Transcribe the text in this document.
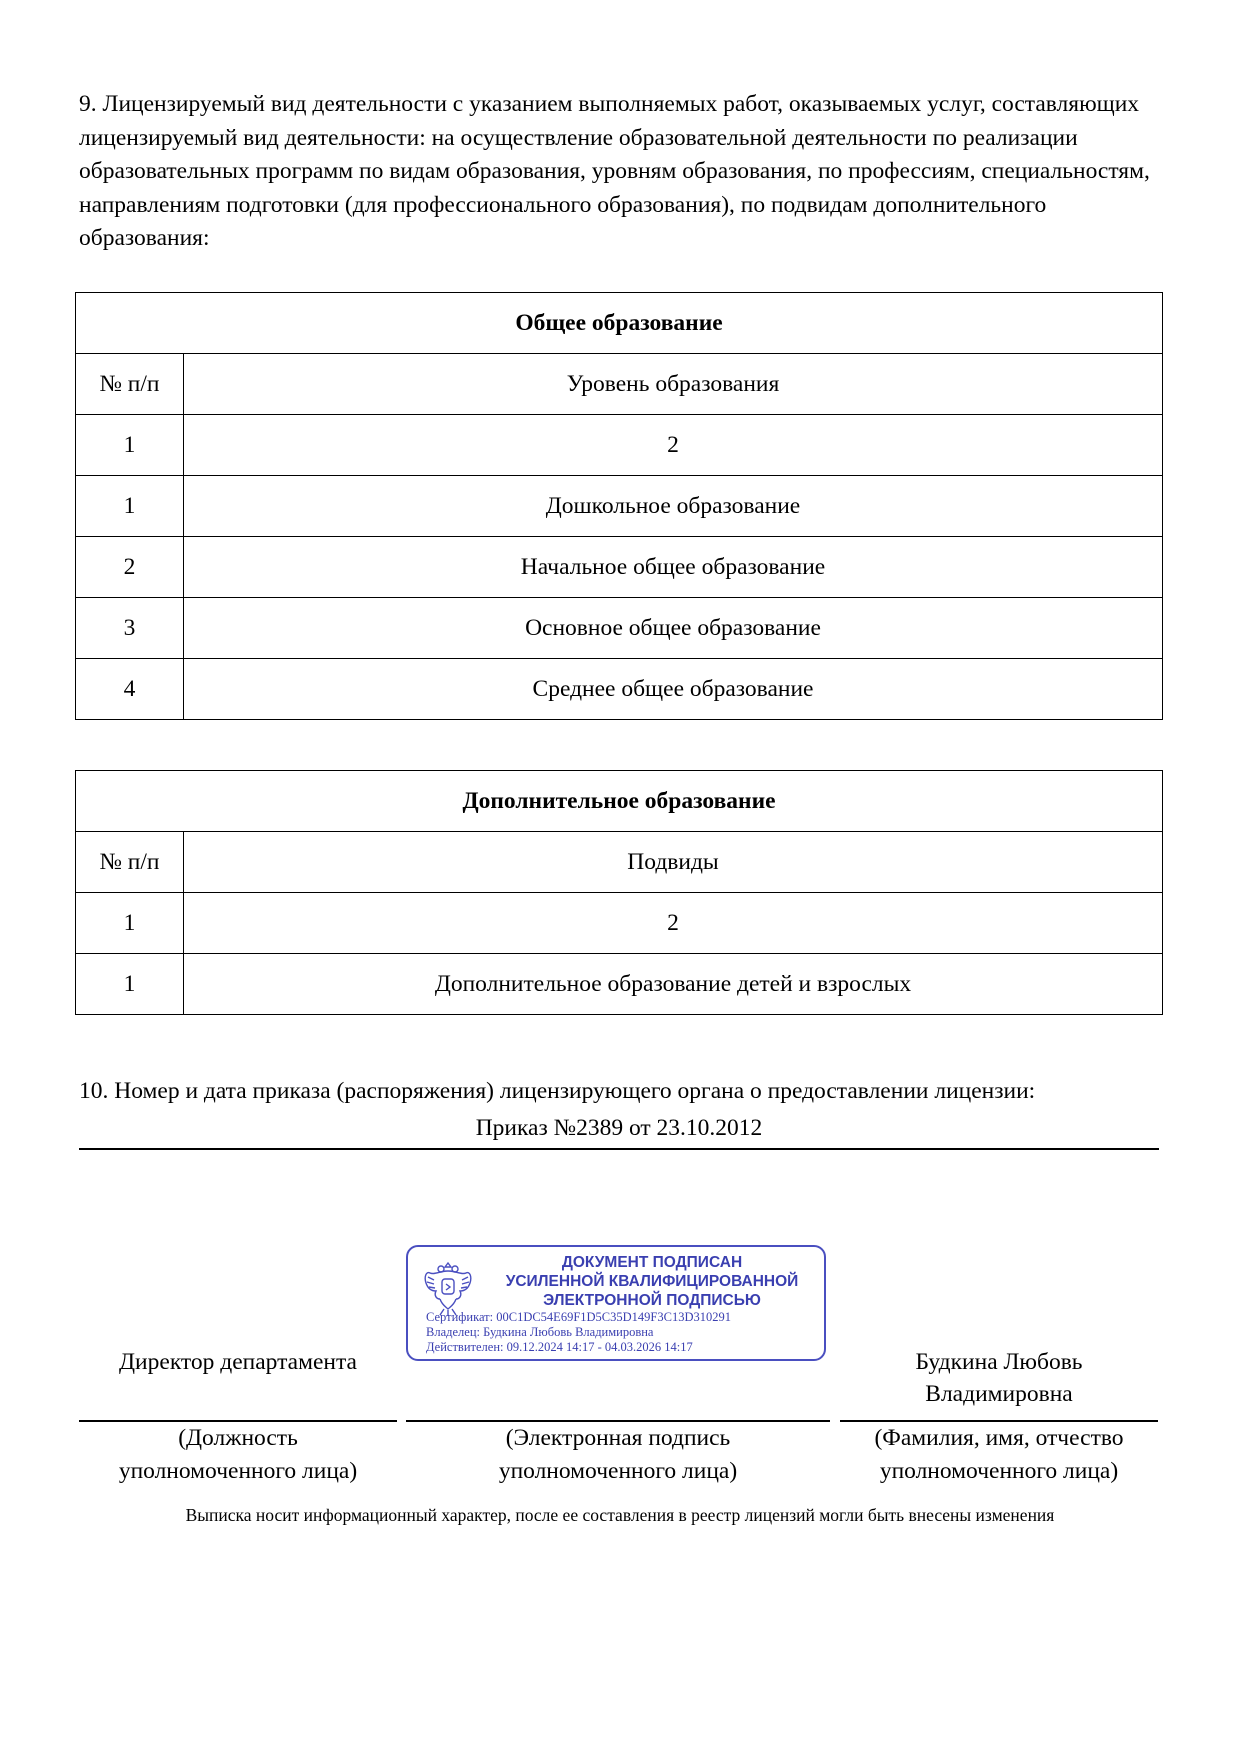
9. Лицензируемый вид деятельности с указанием выполняемых работ, оказываемых услуг, составляющих лицензируемый вид деятельности: на осуществление образовательной деятельности по реализации образовательных программ по видам образования, уровням образования, по профессиям, специальностям, направлениям подготовки (для профессионального образования), по подвидам дополнительного образования:
Общее образование	
№ п/п	Уровень образования
1	2
1	Дошкольное образование
2	Начальное общее образование
3	Основное общее образование
4	Среднее общее образование
Дополнительное образование	
№ п/п	Подвиды
1	2
1	Дополнительное образование детей и взрослых
10. Номер и дата приказа (распоряжения) лицензирующего органа о предоставлении лицензии:
Приказ №2389 от 23.10.2012
ДОКУМЕНТ ПОДПИСАН
УСИЛЕННОЙ КВАЛИФИЦИРОВАННОЙ
ЭЛЕКТРОННОЙ ПОДПИСЬЮ
Сертификат: 00C1DC54E69F1D5C35D149F3C13D310291
Владелец: Будкина Любовь Владимировна
Действителен: 09.12.2024 14:17 - 04.03.2026 14:17
Директор департамента	Будкина Любовь
Владимировна
(Должность
уполномоченного лица)
(Электронная подпись
уполномоченного лица)
(Фамилия, имя, отчество
уполномоченного лица)
Выписка носит информационный характер, после ее составления в реестр лицензий могли быть внесены изменения
